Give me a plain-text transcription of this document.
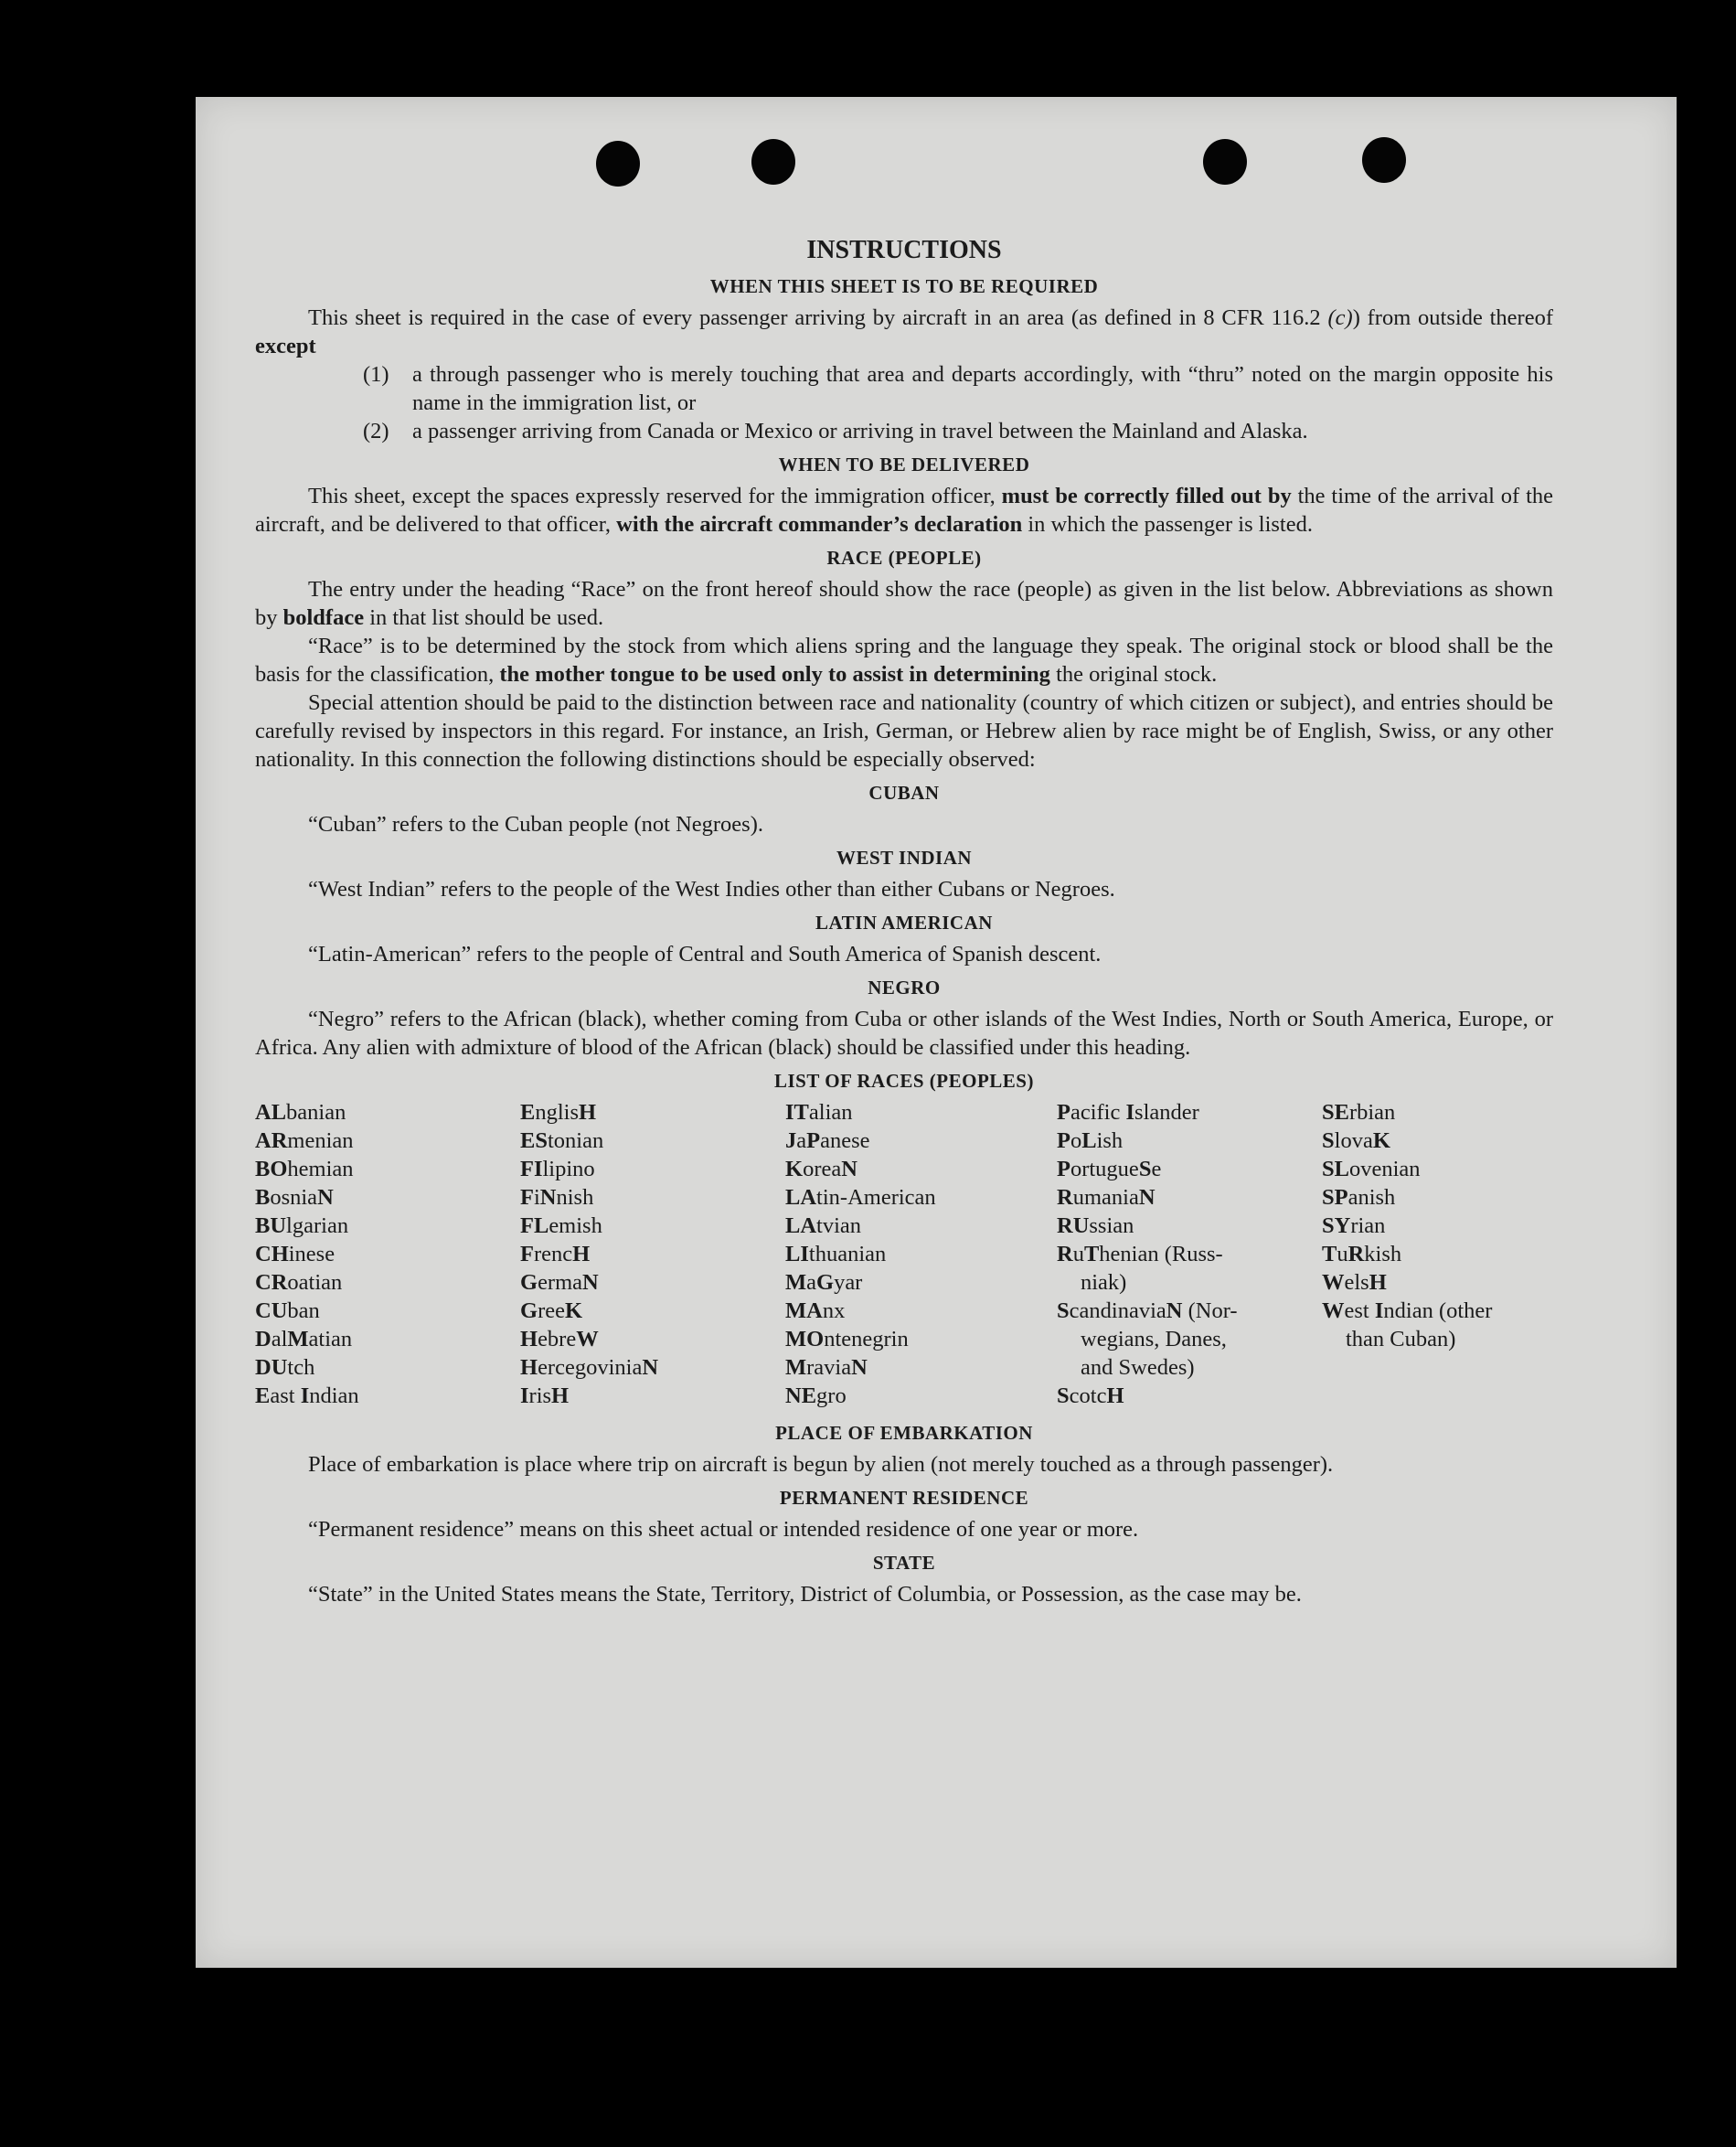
INSTRUCTIONS
WHEN THIS SHEET IS TO BE REQUIRED

This sheet is required in the case of every passenger arriving by aircraft in an area (as defined in 8 CFR 116.2 (c)) from outside thereof except

(1)	a through passenger who is merely touching that area and departs accordingly, with “thru” noted on the margin opposite his name in the immigration list, or
(2)	a passenger arriving from Canada or Mexico or arriving in travel between the Mainland and Alaska.
WHEN TO BE DELIVERED

This sheet, except the spaces expressly reserved for the immigration officer, must be correctly filled out by the time of the arrival of the aircraft, and be delivered to that officer, with the aircraft commander’s declaration in which the passenger is listed.

RACE (PEOPLE)

The entry under the heading “Race” on the front hereof should show the race (people) as given in the list below. Abbreviations as shown by boldface in that list should be used.

“Race” is to be determined by the stock from which aliens spring and the language they speak. The original stock or blood shall be the basis for the classification, the mother tongue to be used only to assist in determining the original stock.

Special attention should be paid to the distinction between race and nationality (country of which citizen or subject), and entries should be carefully revised by inspectors in this regard. For instance, an Irish, German, or Hebrew alien by race might be of English, Swiss, or any other nationality. In this connection the following distinctions should be especially observed:

CUBAN

“Cuban” refers to the Cuban people (not Negroes).

WEST INDIAN

“West Indian” refers to the people of the West Indies other than either Cubans or Negroes.

LATIN AMERICAN

“Latin-American” refers to the people of Central and South America of Spanish descent.

NEGRO

“Negro” refers to the African (black), whether coming from Cuba or other islands of the West Indies, North or South America, Europe, or Africa. Any alien with admixture of blood of the African (black) should be classified under this heading.

LIST OF RACES (PEOPLES)
ALbanian
ARmenian
BOhemian
BosniaN
BUlgarian
CHinese
CRoatian
CUban
DalMatian
DUtch
East Indian
EnglisH
EStonian
FIlipino
FiNnish
FLemish
FrencH
GermaN
GreeK
HebreW
HercegoviniaN
IrisH
ITalian
JaPanese
KoreaN
LAtin-American
LAtvian
LIthuanian
MaGyar
MAnx
MOntenegrin
MraviaN
NEgro
Pacific Islander
PoLish
PortugueSe
RumaniaN
RUssian
RuThenian (Russ-
niak)
ScandinaviaN (Nor-
wegians, Danes,
and Swedes)
ScotcH
SErbian
SlovaK
SLovenian
SPanish
SYrian
TuRkish
WelsH
West Indian (other
than Cuban)
PLACE OF EMBARKATION

Place of embarkation is place where trip on aircraft is begun by alien (not merely touched as a through passenger).

PERMANENT RESIDENCE

“Permanent residence” means on this sheet actual or intended residence of one year or more.

STATE

“State” in the United States means the State, Territory, District of Columbia, or Possession, as the case may be.
